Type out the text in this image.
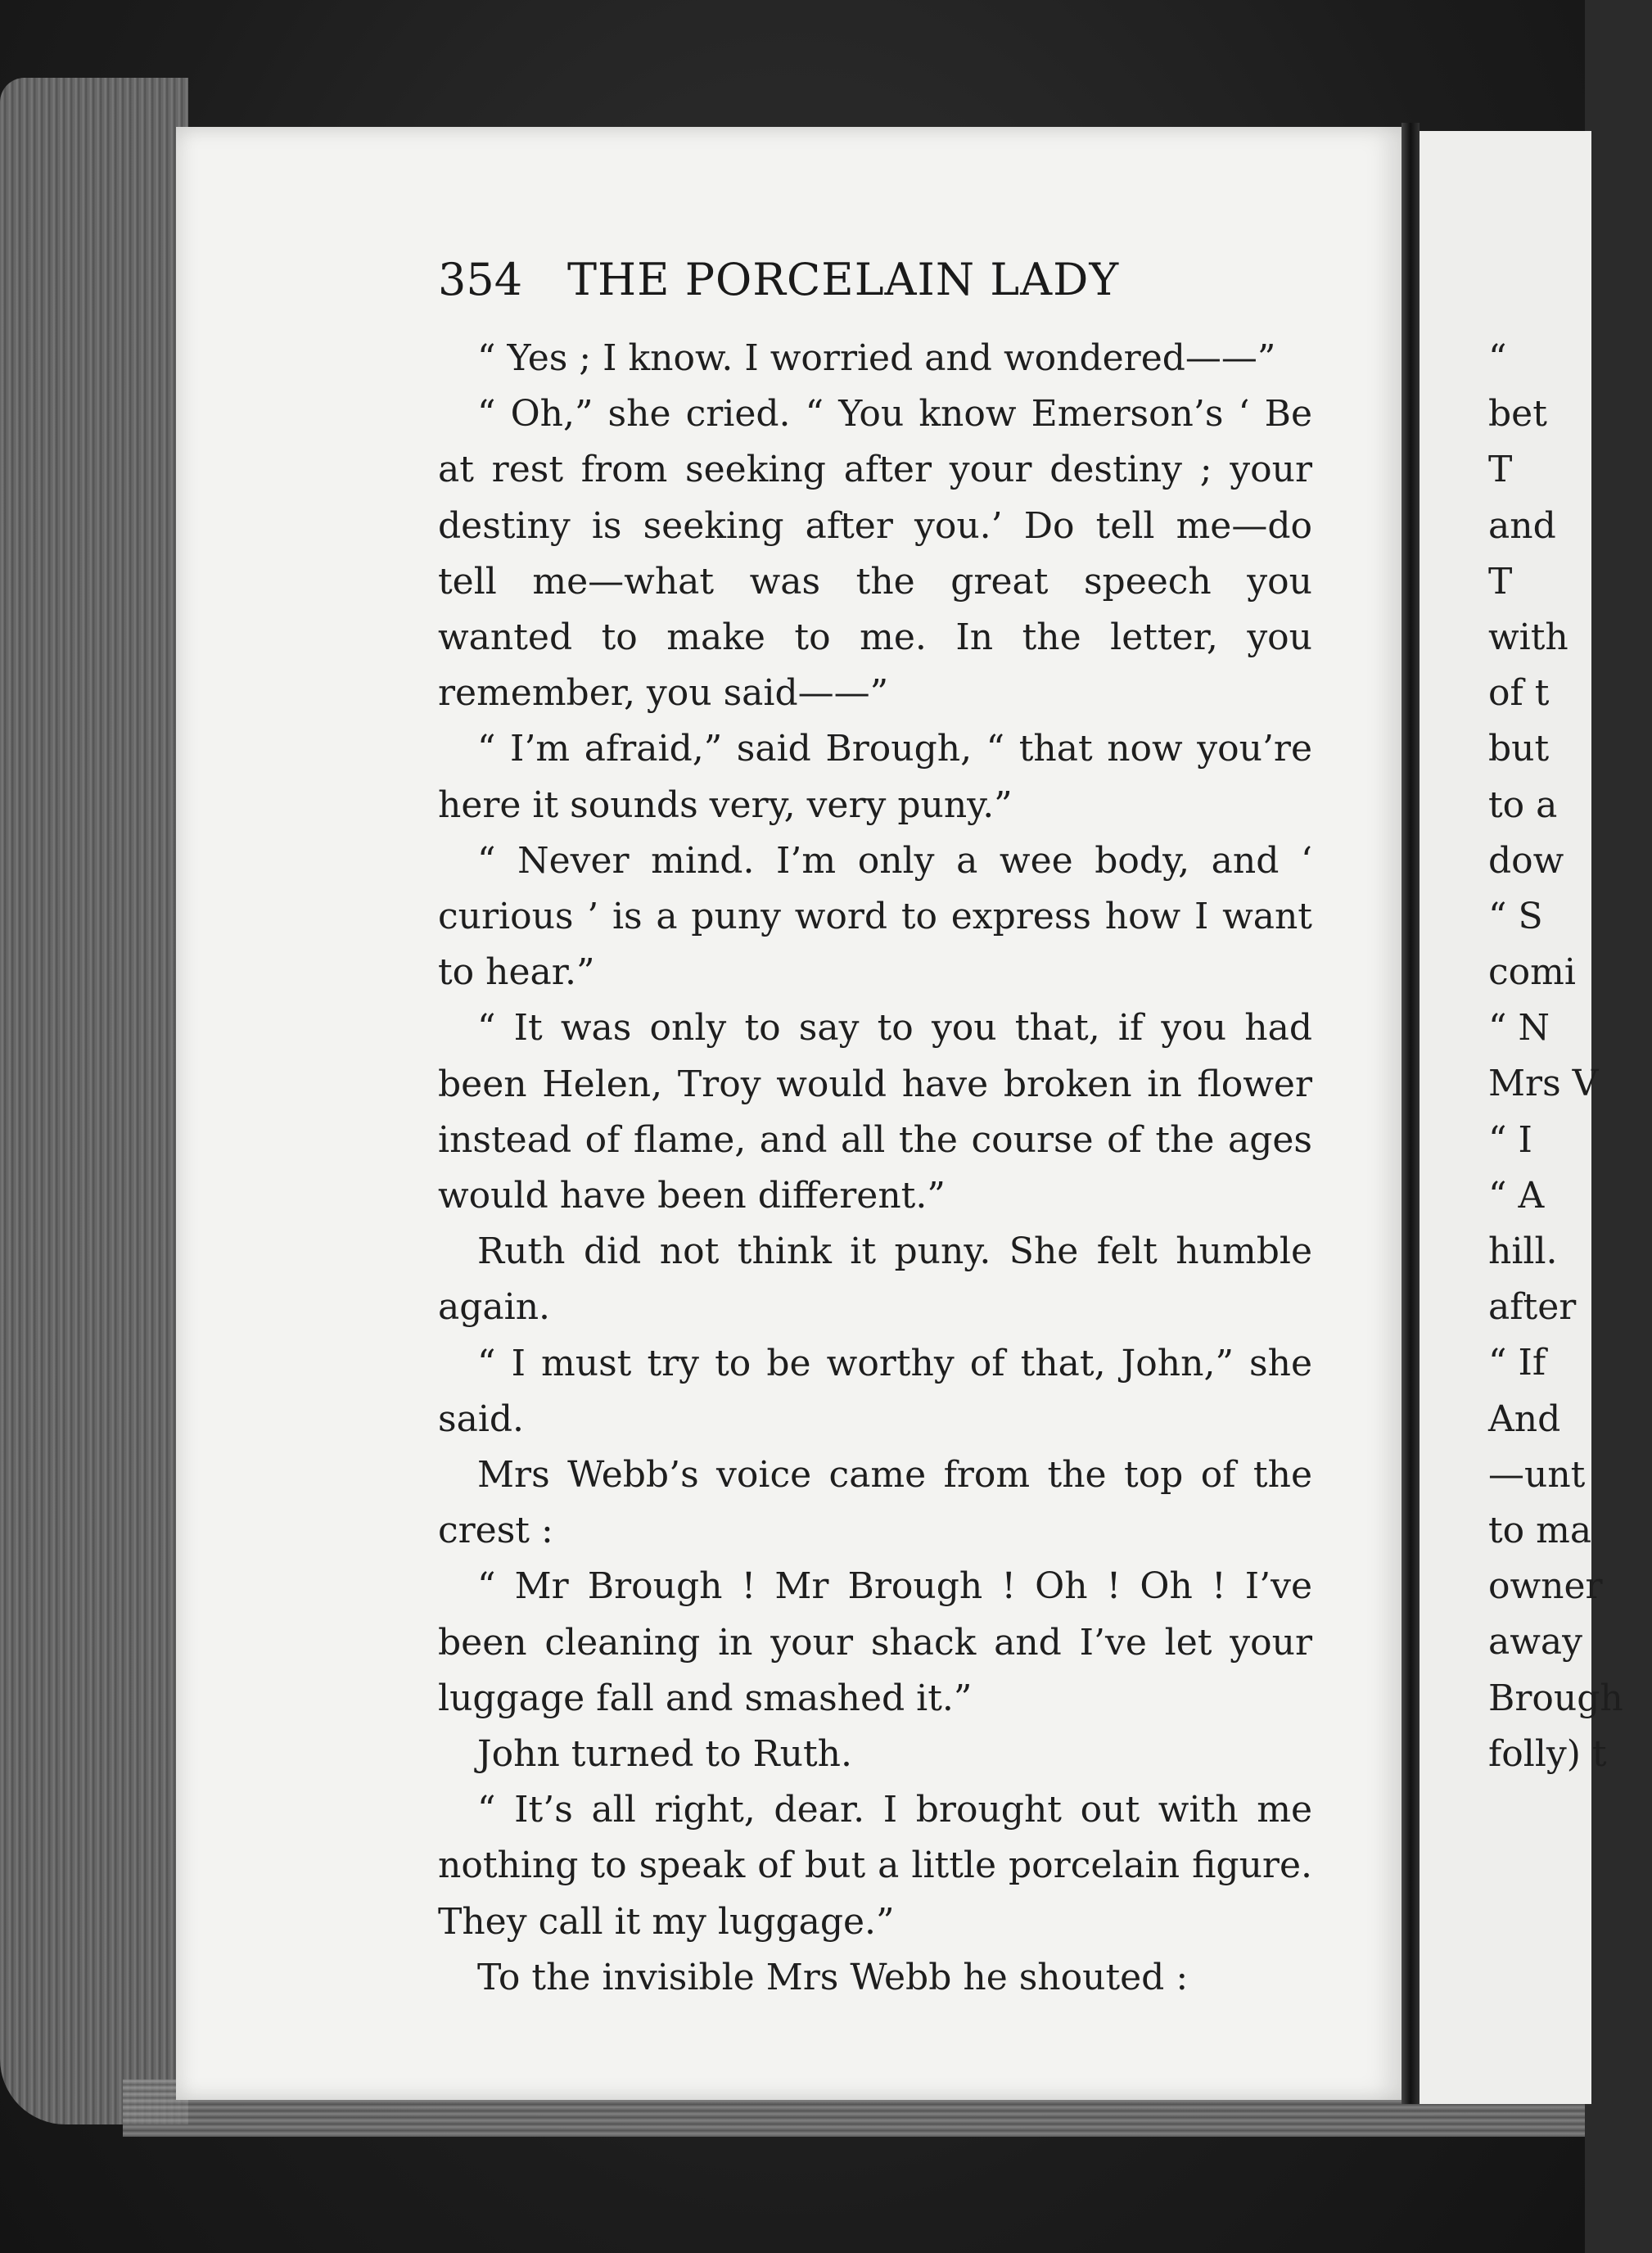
354 THE PORCELAIN LADY

“ Yes ; I know. I worried and wondered——”

“ Oh,” she cried. “ You know Emerson’s ‘ Be at rest from seeking after your destiny ; your destiny is seeking after you.’ Do tell me—do tell me—what was the great speech you wanted to make to me. In the letter, you remember, you said——”

“ I’m afraid,” said Brough, “ that now you’re here it sounds very, very puny.”

“ Never mind. I’m only a wee body, and ‘ curious ’ is a puny word to express how I want to hear.”

“ It was only to say to you that, if you had been Helen, Troy would have broken in flower instead of flame, and all the course of the ages would have been different.”

Ruth did not think it puny. She felt humble again.

“ I must try to be worthy of that, John,” she said.

Mrs Webb’s voice came from the top of the crest :

“ Mr Brough ! Mr Brough ! Oh ! Oh ! I’ve been cleaning in your shack and I’ve let your luggage fall and smashed it.”

John turned to Ruth.

“ It’s all right, dear. I brought out with me nothing to speak of but a little porcelain figure. They call it my luggage.”

To the invisible Mrs Webb he shouted :

“
bet
T
and
T
with
of t
but
to a
dow
“ S
comi
“ N
Mrs V
“ I
“ A
hill.
after
“ If
And
—unt
to ma
owner
away
Brough
folly) t
